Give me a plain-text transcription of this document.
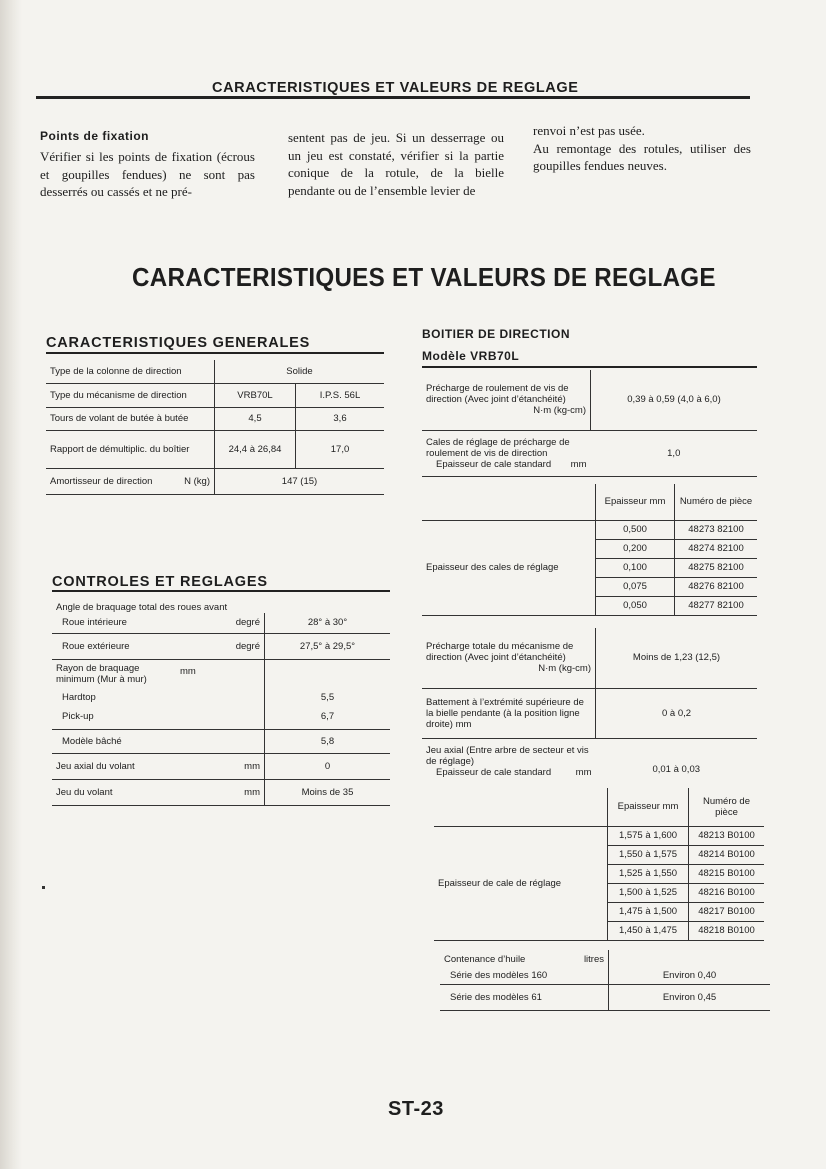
CARACTERISTIQUES ET VALEURS DE REGLAGE
Points de fixation
Vérifier si les points de fixation (écrous et goupilles fendues) ne sont pas desserrés ou cassés et ne pré-
sentent pas de jeu. Si un desserrage ou un jeu est constaté, vérifier si la partie conique de la rotule, de la bielle pendante ou de l’ensemble levier de
renvoi n’est pas usée.
Au remontage des rotules, utiliser des goupilles fendues neuves.
CARACTERISTIQUES ET VALEURS DE REGLAGE
CARACTERISTIQUES GENERALES
Type de la colonne de direction	Solide	
Type du mécanisme de direction	VRB70L	I.P.S. 56L
Tours de volant de butée à butée	4,5	3,6
Rapport de démultiplic. du boîtier	24,4 à 26,84	17,0
Amortisseur de direction N (kg)	147 (15)	
CONTROLES ET REGLAGES
Angle de braquage total des roues avant		
Roue intérieure	degré	28° à 30°
Roue extérieure	degré	27,5° à 29,5°
Rayon de braquage minimum (Mur à mur)	mm	
Hardtop		5,5
Pick-up		6,7
Modèle bâché		5,8
Jeu axial du volant	mm	0
Jeu du volant	mm	Moins de 35
BOITIER DE DIRECTION
Modèle VRB70L
Précharge de roulement de vis de direction (Avec joint d’étanchéité)

N·m (kg-cm)	0,39 à 0,59 (4,0 à 6,0)
Cales de réglage de précharge de roulement de vis de direction
Epaisseur de cale standard mm	1,0
	Epaisseur mm	Numéro de pièce
Epaisseur des cales de réglage	0,500	48273 82100
	0,200	48274 82100
	0,100	48275 82100
	0,075	48276 82100
	0,050	48277 82100
Précharge totale du mécanisme de direction (Avec joint d’étanchéité)

N·m (kg-cm)	Moins de 1,23 (12,5)
Battement à l’extrémité supérieure de la bielle pendante (à la position ligne droite) mm	0 à 0,2
Jeu axial (Entre arbre de secteur et vis de réglage)
Epaisseur de cale standard mm	0,01 à 0,03
	Epaisseur mm	Numéro de pièce
Epaisseur de cale de réglage	1,575 à 1,600	48213 B0100
	1,550 à 1,575	48214 B0100
	1,525 à 1,550	48215 B0100
	1,500 à 1,525	48216 B0100
	1,475 à 1,500	48217 B0100
	1,450 à 1,475	48218 B0100
Contenance d’huile litres	

Série des modèles 160	Environ 0,40
Série des modèles 61	Environ 0,45
ST-23
